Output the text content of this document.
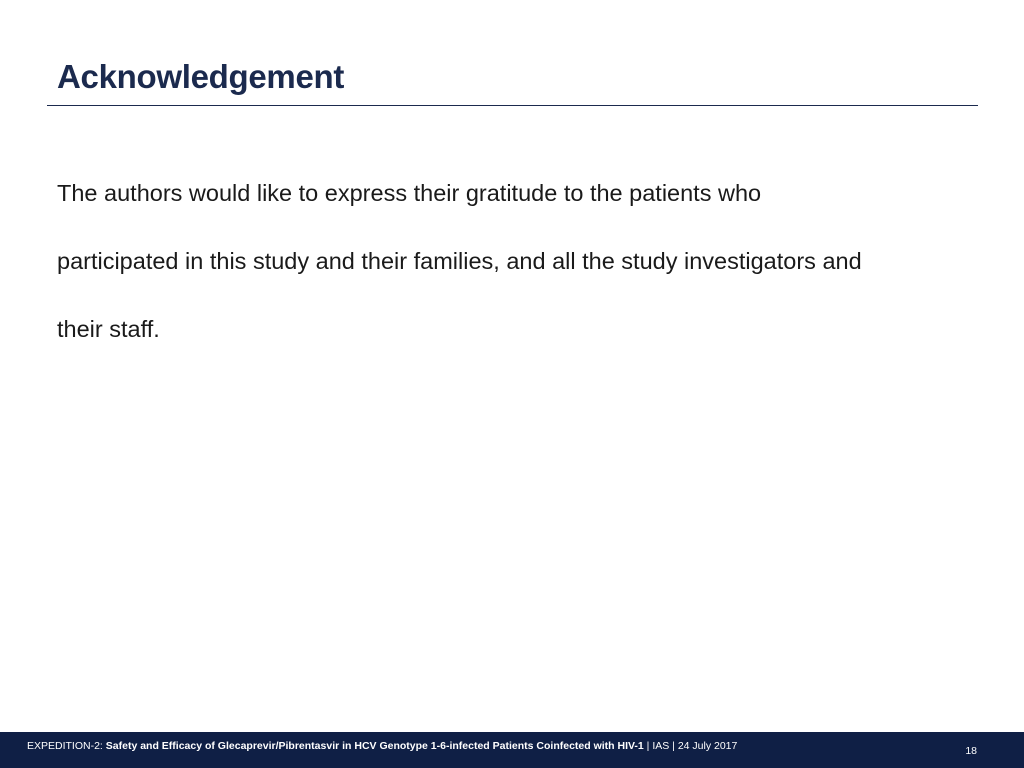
Acknowledgement

The authors would like to express their gratitude to the patients who
participated in this study and their families, and all the study investigators and
their staff.

EXPEDITION-2: Safety and Efficacy of Glecaprevir/Pibrentasvir in HCV Genotype 1-6-infected Patients Coinfected with HIV-1 | IAS | 24 July 2017	18
